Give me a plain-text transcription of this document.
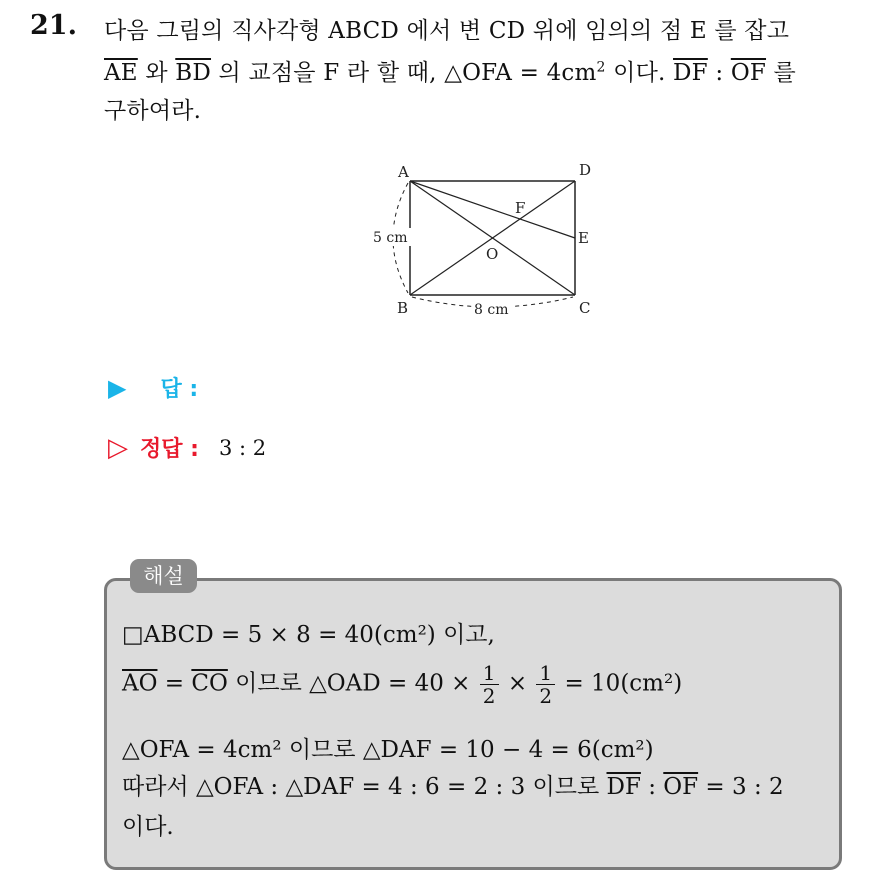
21. 다음 그림의 직사각형 ABCD 에서 변 CD 위에 임의의 점 E 를 잡고
$\overline{AE}$ 와 $\overline{BD}$ 의 교점을 F 라 할 때, △OFA = $4cm^2$ 이다. $\overline{DF}$ : $\overline{OF}$ 를
구하여라.
A	D
C
B
E
F
O
5 cm
8 cm
▶ 답 :
▷ 정답 : 3 : 2
해설
□ABCD = 5 × 8 = 40(cm²) 이고,
$\overline{AO} = \overline{CO}$ 이므로 △OAD = $40 \times \frac{1}{2} \times \frac{1}{2} = 10(cm^2)$
△OFA = 4cm² 이므로 △DAF = 10 − 4 = 6(cm²)
따라서 △OFA : △DAF = 4 : 6 = 2 : 3 이므로 $\overline{DF}$ : $\overline{OF} = 3$ : 2
이다.
